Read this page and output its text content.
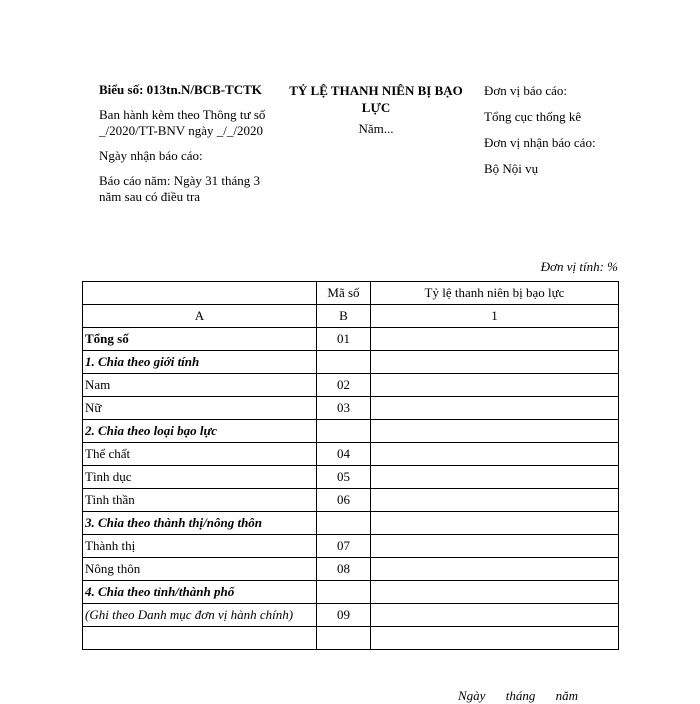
Biểu số: 013tn.N/BCB-TCTK

Ban hành kèm theo Thông tư số _/2020/TT-BNV ngày _/_/2020

Ngày nhận báo cáo:

Báo cáo năm: Ngày 31 tháng 3 năm sau có điều tra

TỶ LỆ THANH NIÊN BỊ BẠO LỰC
Năm...

Đơn vị báo cáo:

Tổng cục thống kê

Đơn vị nhận báo cáo:

Bộ Nội vụ

Đơn vị tính: %
	Mã số	Tỷ lệ thanh niên bị bạo lực
A	B	1
Tổng số	01	
1. Chia theo giới tính		
Nam	02	
Nữ	03	
2. Chia theo loại bạo lực		
Thể chất	04	
Tình dục	05	
Tinh thần	06	
3. Chia theo thành thị/nông thôn		
Thành thị	07	
Nông thôn	08	
4. Chia theo tỉnh/thành phố		
(Ghi theo Danh mục đơn vị hành chính)	09	

Ngày tháng năm
